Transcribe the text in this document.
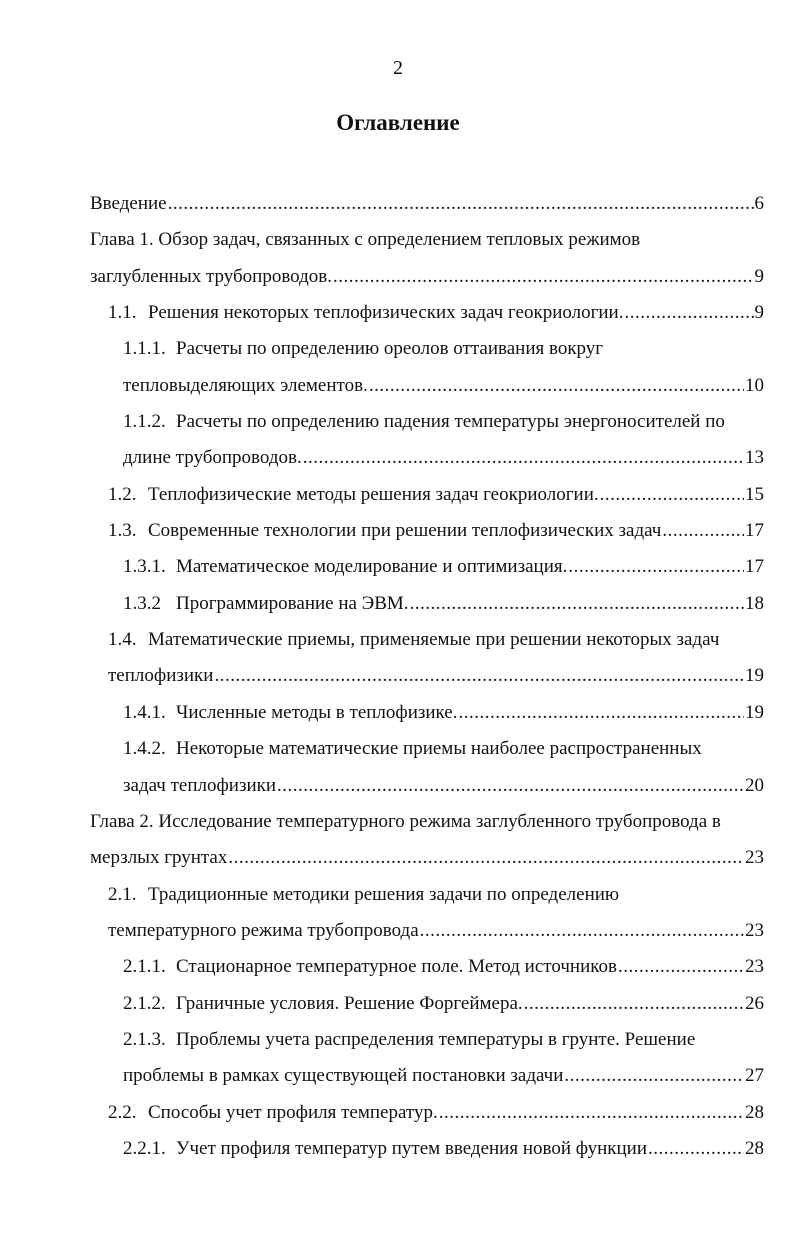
2
Оглавление
Введение .....	6
Глава 1. Обзор задач, связанных с определением тепловых режимов
заглубленных трубопроводов. .....	9
1.1. Решения некоторых теплофизических задач геокриологии. .....	9
1.1.1. Расчеты по определению ореолов оттаивания вокруг
тепловыделяющих элементов. .....	10
1.1.2. Расчеты по определению падения температуры энергоносителей по
длине трубопроводов. .....	13
1.2. Теплофизические методы решения задач геокриологии. .....	15
1.3. Современные технологии при решении теплофизических задач .....	17
1.3.1. Математическое моделирование и оптимизация. .....	17
1.3.2 Программирование на ЭВМ. .....	18
1.4. Математические приемы, применяемые при решении некоторых задач
теплофизики .....	19
1.4.1. Численные методы в теплофизике. .....	19
1.4.2. Некоторые математические приемы наиболее распространенных
задач теплофизики .....	20
Глава 2. Исследование температурного режима заглубленного трубопровода в
мерзлых грунтах .....	23
2.1. Традиционные методики решения задачи по определению
температурного режима трубопровода .....	23
2.1.1. Стационарное температурное поле. Метод источников .....	23
2.1.2. Граничные условия. Решение Форгеймера. .....	26
2.1.3. Проблемы учета распределения температуры в грунте. Решение
проблемы в рамках существующей постановки задачи .....	27
2.2. Способы учет профиля температур. .....	28
2.2.1. Учет профиля температур путем введения новой функции .....	28
